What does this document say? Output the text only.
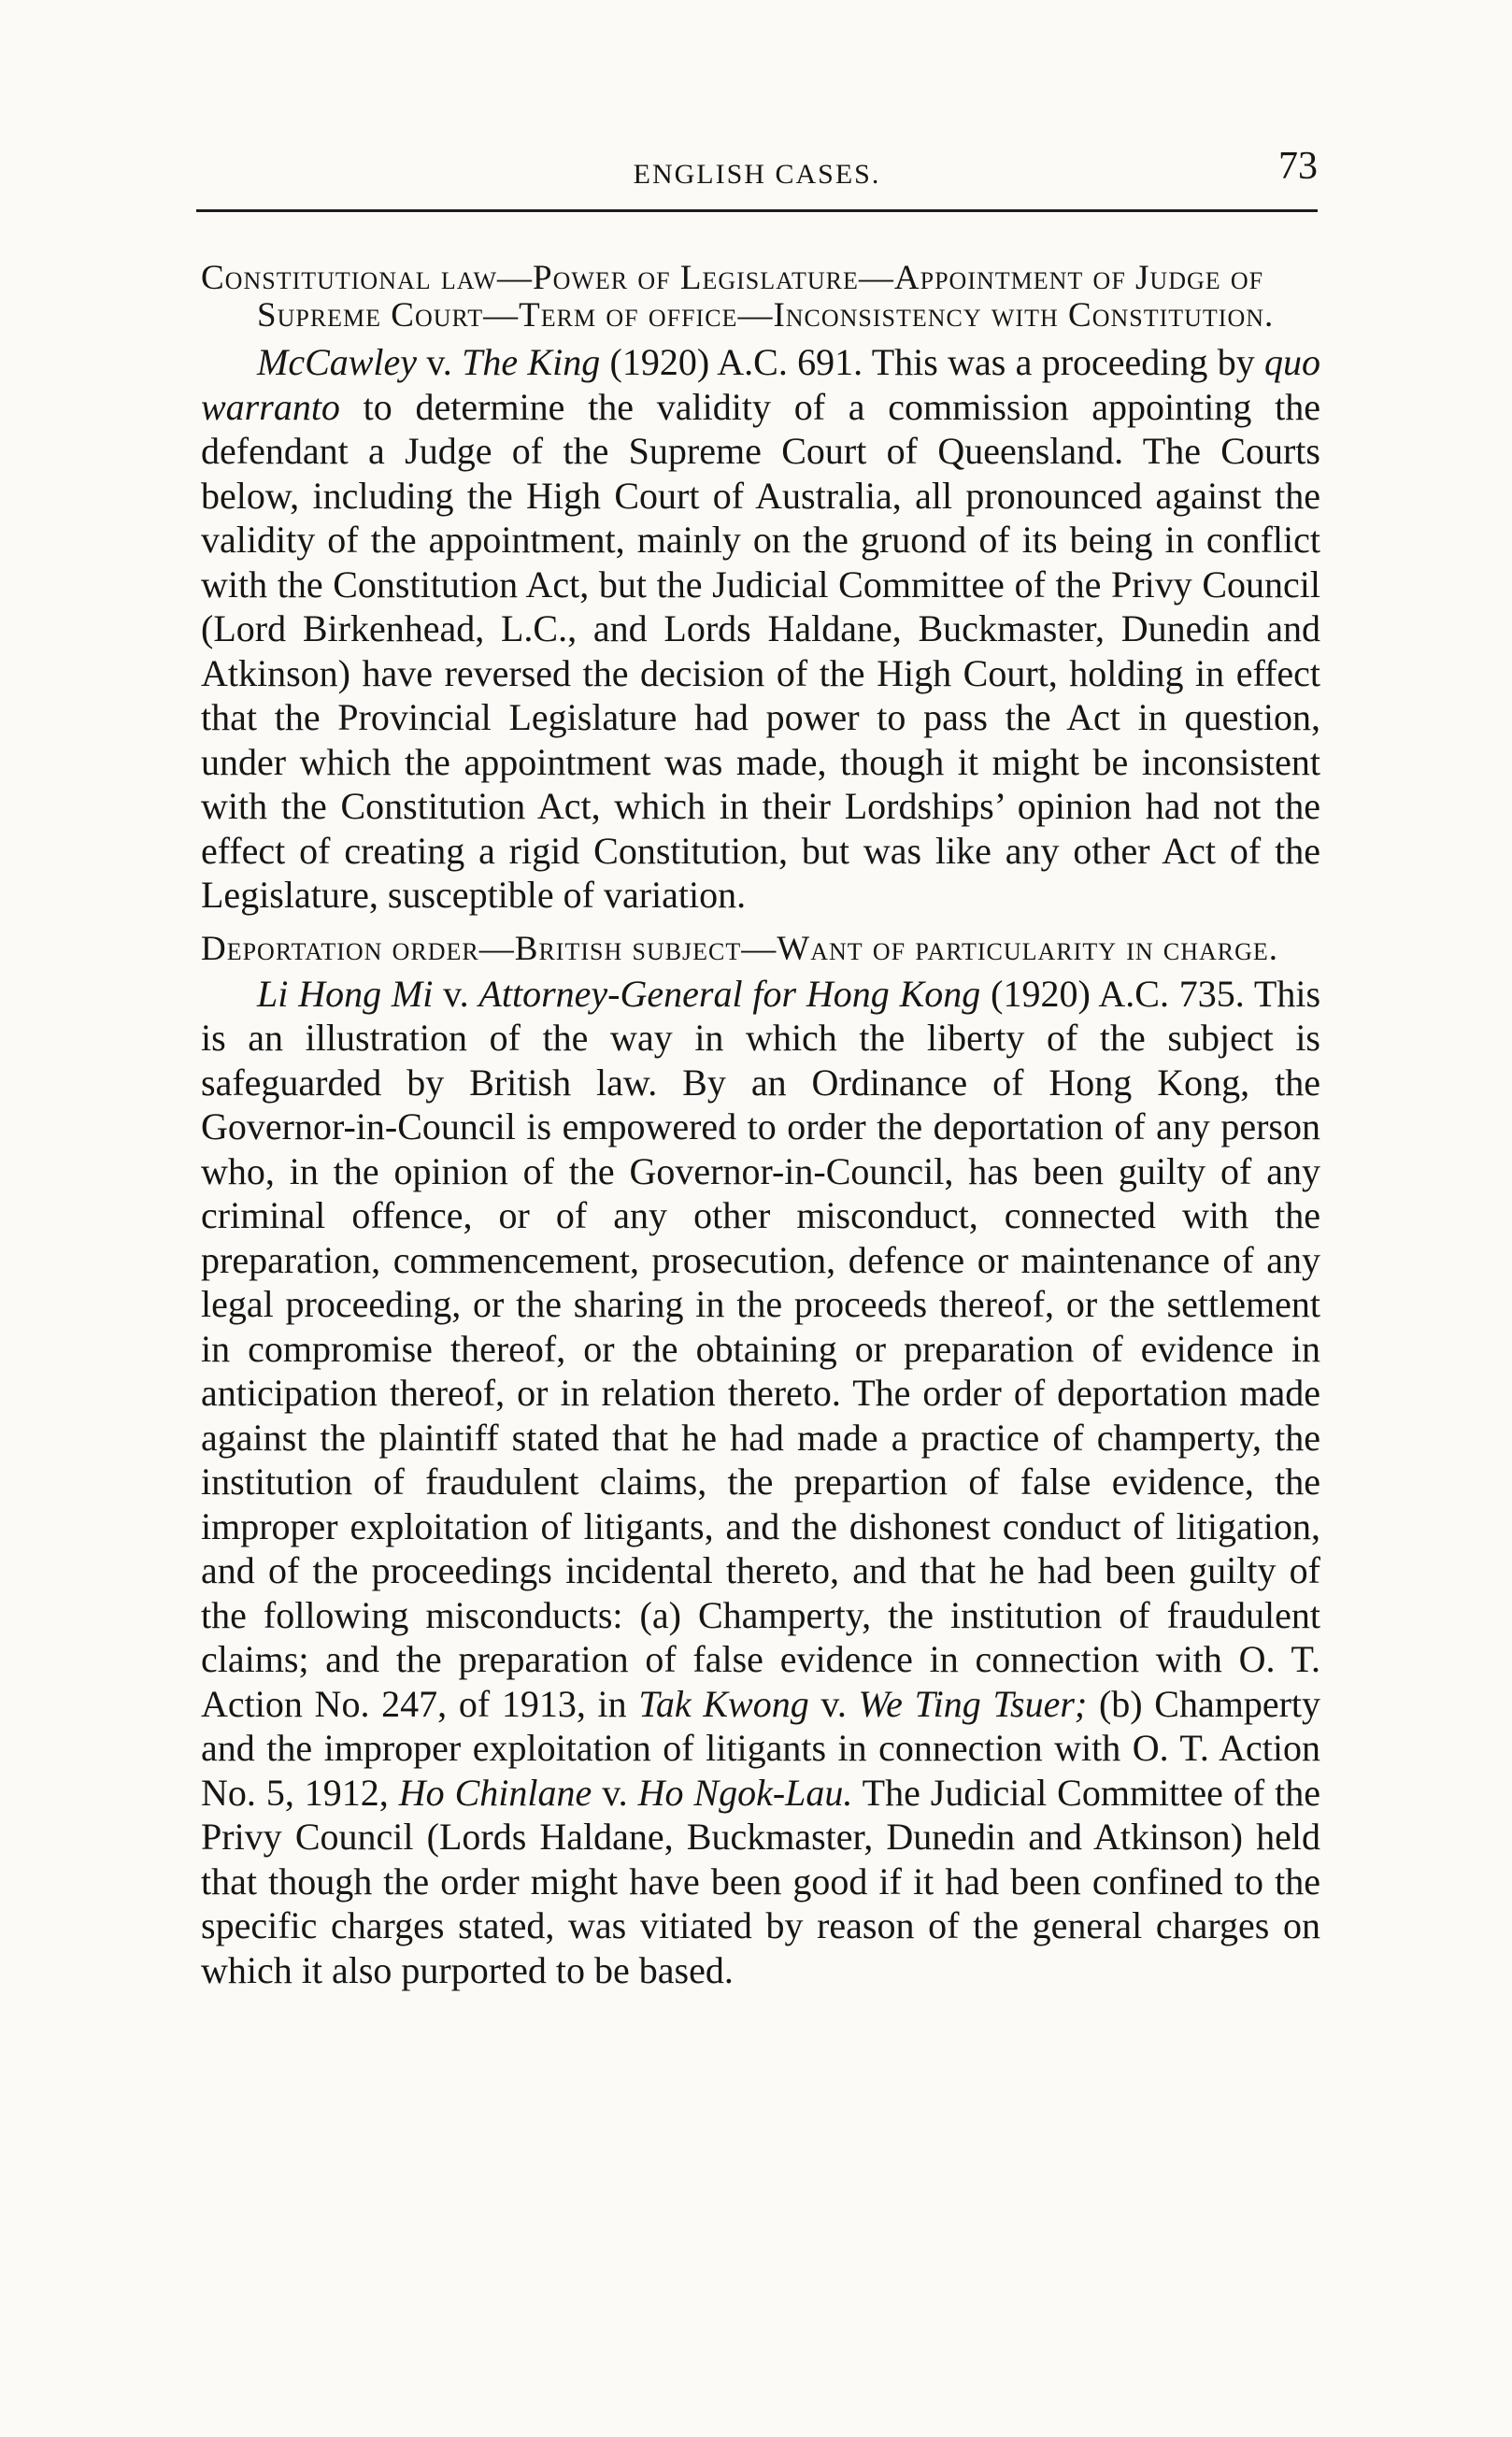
ENGLISH CASES.	73

Constitutional law—Power of Legislature—Appointment of Judge of Supreme Court—Term of office—Inconsistency with Constitution.

McCawley v. The King (1920) A.C. 691. This was a proceeding by quo warranto to determine the validity of a commission appointing the defendant a Judge of the Supreme Court of Queensland. The Courts below, including the High Court of Australia, all pronounced against the validity of the appointment, mainly on the gruond of its being in conflict with the Constitution Act, but the Judicial Committee of the Privy Council (Lord Birkenhead, L.C., and Lords Haldane, Buckmaster, Dunedin and Atkinson) have reversed the decision of the High Court, holding in effect that the Provincial Legislature had power to pass the Act in question, under which the appointment was made, though it might be inconsistent with the Constitution Act, which in their Lordships’ opinion had not the effect of creating a rigid Constitution, but was like any other Act of the Legislature, susceptible of variation.

Deportation order—British subject—Want of particularity in charge.

Li Hong Mi v. Attorney-General for Hong Kong (1920) A.C. 735. This is an illustration of the way in which the liberty of the subject is safeguarded by British law. By an Ordinance of Hong Kong, the Governor-in-Council is empowered to order the deportation of any person who, in the opinion of the Governor-in-Council, has been guilty of any criminal offence, or of any other misconduct, connected with the preparation, commencement, prosecution, defence or maintenance of any legal proceeding, or the sharing in the proceeds thereof, or the settlement in compromise thereof, or the obtaining or preparation of evidence in anticipation thereof, or in relation thereto. The order of deportation made against the plaintiff stated that he had made a practice of champerty, the institution of fraudulent claims, the prepartion of false evidence, the improper exploitation of litigants, and the dishonest conduct of litigation, and of the proceedings incidental thereto, and that he had been guilty of the following misconducts: (a) Champerty, the institution of fraudulent claims; and the preparation of false evidence in connection with O. T. Action No. 247, of 1913, in Tak Kwong v. We Ting Tsuer; (b) Champerty and the improper exploitation of litigants in connection with O. T. Action No. 5, 1912, Ho Chinlane v. Ho Ngok-Lau. The Judicial Committee of the Privy Council (Lords Haldane, Buckmaster, Dunedin and Atkinson) held that though the order might have been good if it had been confined to the specific charges stated, was vitiated by reason of the general charges on which it also purported to be based.
